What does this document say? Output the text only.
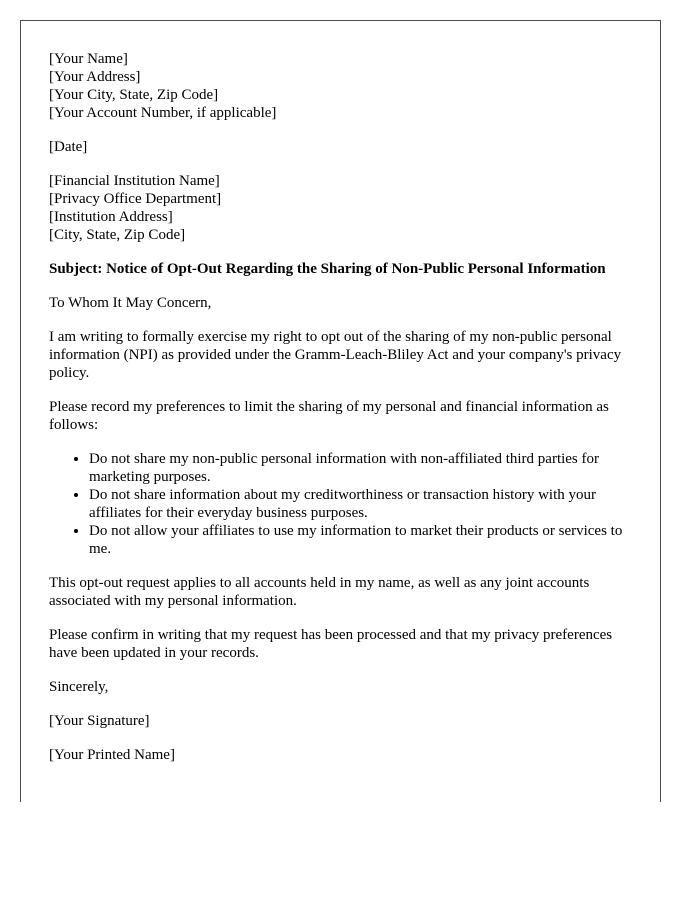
[Your Name]
[Your Address]
[Your City, State, Zip Code]
[Your Account Number, if applicable]
[Date]
[Financial Institution Name]
[Privacy Office Department]
[Institution Address]
[City, State, Zip Code]
Subject: Notice of Opt-Out Regarding the Sharing of Non-Public Personal Information

To Whom It May Concern,

I am writing to formally exercise my right to opt out of the sharing of my non-public personal information (NPI) as provided under the Gramm-Leach-Bliley Act and your company's privacy policy.

Please record my preferences to limit the sharing of my personal and financial information as follows:

• Do not share my non-public personal information with non-affiliated third parties for marketing purposes.
• Do not share information about my creditworthiness or transaction history with your affiliates for their everyday business purposes.
• Do not allow your affiliates to use my information to market their products or services to me.

This opt-out request applies to all accounts held in my name, as well as any joint accounts associated with my personal information.

Please confirm in writing that my request has been processed and that my privacy preferences have been updated in your records.

Sincerely,

[Your Signature]

[Your Printed Name]
